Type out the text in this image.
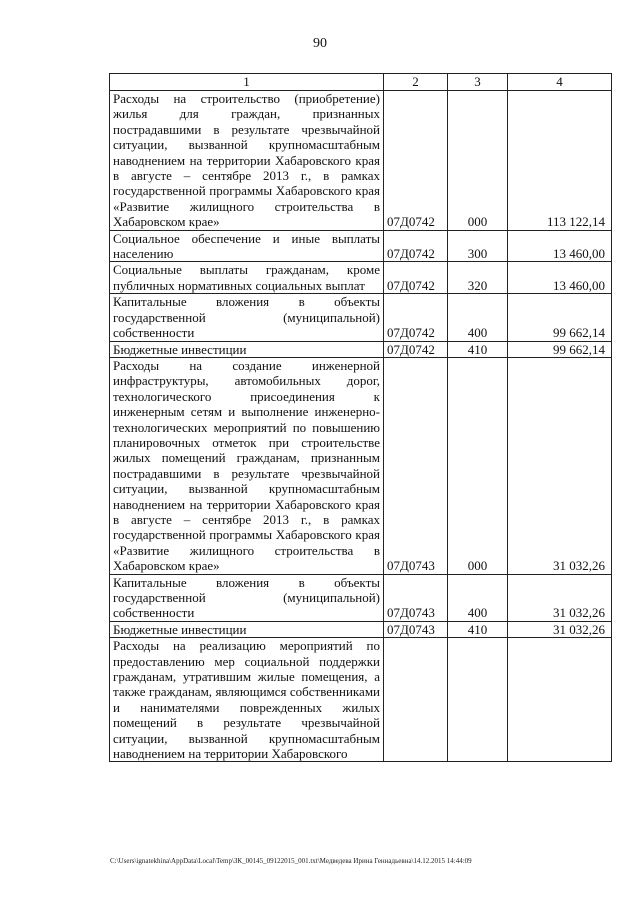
90
1	2	3	4
Расходы на строительство (приобретение) жилья для граждан, признанных пострадавшими в результате чрезвычайной ситуации, вызванной крупномасштабным наводнением на территории Хабаровского края в августе – сентябре 2013 г., в рамках государственной программы Хабаровского края «Развитие жилищного строительства в Хабаровском крае»	07Д0742	000	113 122,14
Социальное обеспечение и иные выплаты населению	07Д0742	300	13 460,00
Социальные выплаты гражданам, кроме публичных нормативных социальных выплат	07Д0742	320	13 460,00
Капитальные вложения в объекты государственной (муниципальной) собственности	07Д0742	400	99 662,14
Бюджетные инвестиции	07Д0742	410	99 662,14
Расходы на создание инженерной инфраструктуры, автомобильных дорог, технологического присоединения к инженерным сетям и выполнение инженерно-технологических мероприятий по повышению планировочных отметок при строительстве жилых помещений гражданам, признанным пострадавшими в результате чрезвычайной ситуации, вызванной крупномасштабным наводнением на территории Хабаровского края в августе – сентябре 2013 г., в рамках государственной программы Хабаровского края «Развитие жилищного строительства в Хабаровском крае»	07Д0743	000	31 032,26
Капитальные вложения в объекты государственной (муниципальной) собственности	07Д0743	400	31 032,26
Бюджетные инвестиции	07Д0743	410	31 032,26
Расходы на реализацию мероприятий по предоставлению мер социальной поддержки гражданам, утратившим жилые помещения, а также гражданам, являющимся собственниками и нанимателями поврежденных жилых помещений в результате чрезвычайной ситуации, вызванной крупномасштабным наводнением на территории Хабаровского			
C:\Users\ignatekhina\AppData\Local\Temp\ЗК_00145_09122015_001.txt\Медведева Ирина Геннадьевна\14.12.2015 14:44:09
